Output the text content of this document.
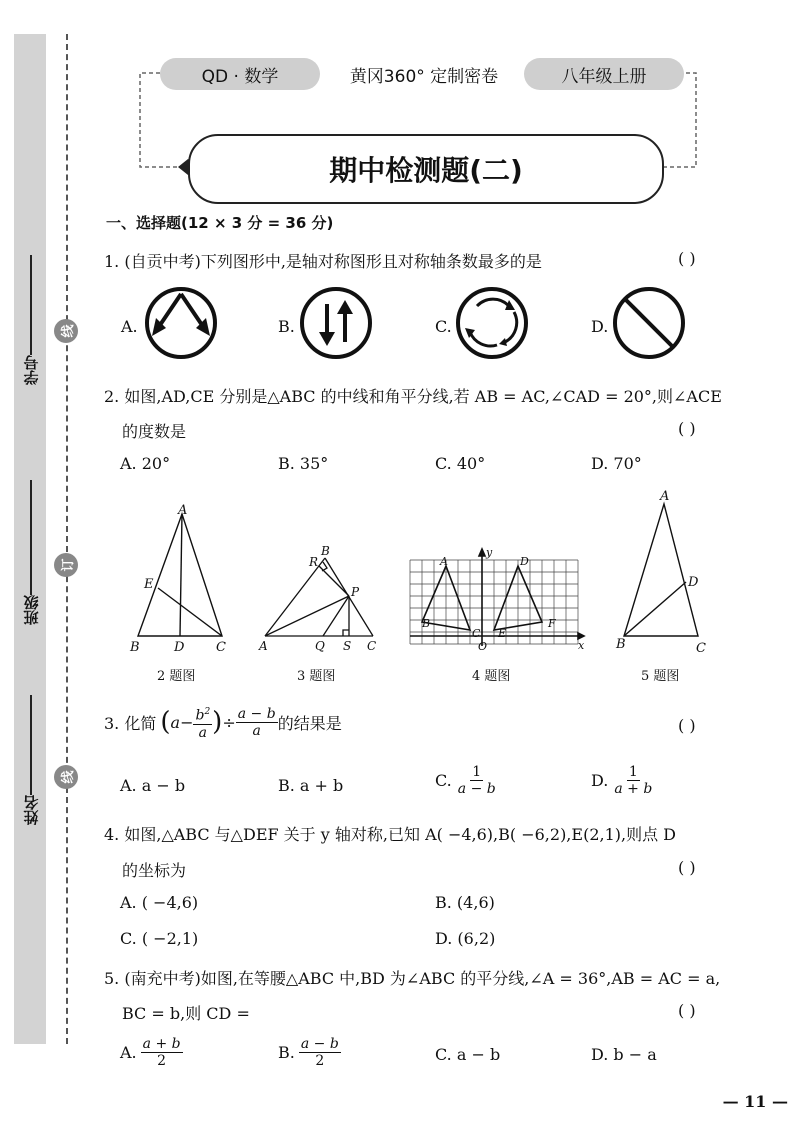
学号
班级
姓名
线
订
线
QD · 数学	黄冈360° 定制密卷	八年级上册
期中检测题(二)
一、选择题(12 × 3 分 = 36 分)
1. (自贡中考)下列图形中,是轴对称图形且对称轴条数最多的是	( )
A.	B.	C.	D.
2. 如图,AD,CE 分别是△ABC 的中线和角平分线,若 AB = AC,∠CAD = 20°,则∠ACE
的度数是	( )
A. 20°	B. 35°	C. 40°	D. 70°
A
E
B	D C
2 题图
R
B
P
A	Q S C
3 题图
y
A	D
B
C
O
E
F
x
4 题图
A
D
B	C
5 题图
3. 化简 ( $a - \frac{b^2}{a}$ ) ÷ $\frac{a - b}{a}$ 的结果是	( )
A. a − b	B. a + b	C. $\frac{1}{a - b}$	D. $\frac{1}{a + b}$
4. 如图,△ABC 与△DEF 关于 y 轴对称,已知 A( −4,6),B( −6,2),E(2,1),则点 D
的坐标为	( )
A. ( −4,6)	B. (4,6)
C. ( −2,1)	D. (6,2)
5. (南充中考)如图,在等腰△ABC 中,BD 为∠ABC 的平分线,∠A = 36°,AB = AC = a,
BC = b,则 CD =	( )
A. $\frac{a + b}{2}$	B. $\frac{a - b}{2}$	C. a − b	D. b − a
— 11 —
